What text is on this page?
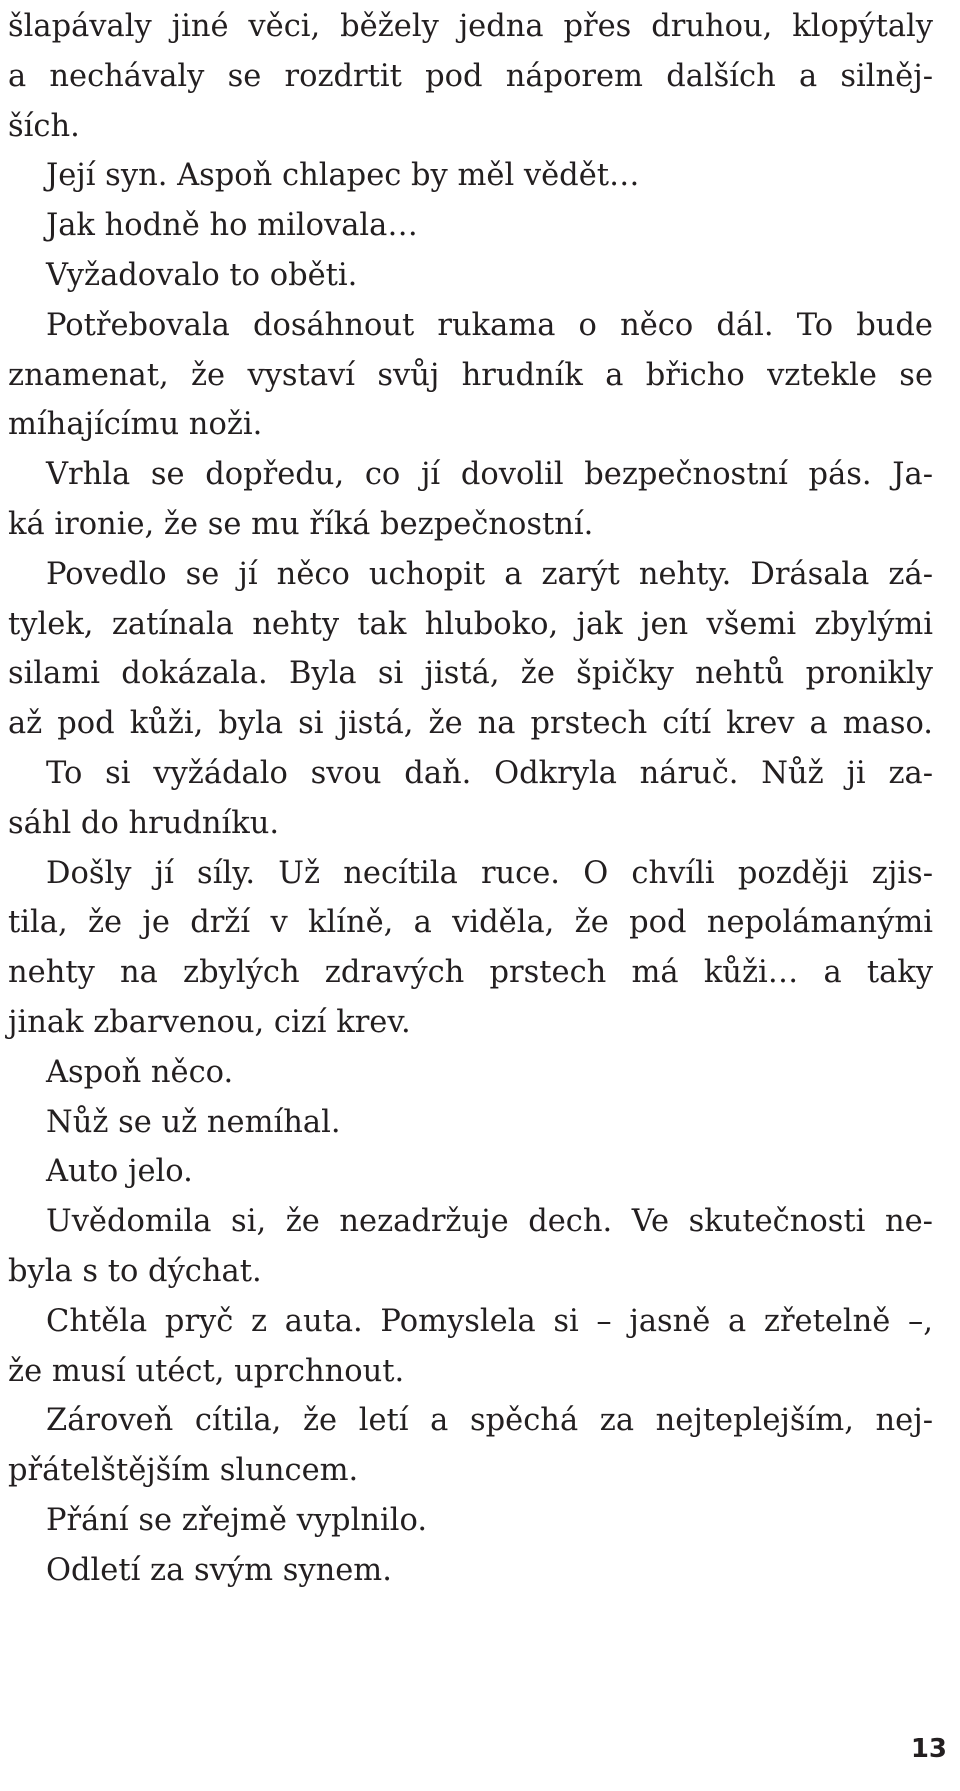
šlapávaly jiné věci, běžely jedna přes druhou, klopýtaly
a nechávaly se rozdrtit pod náporem dalších a silněj-
ších.
Její syn. Aspoň chlapec by měl vědět…
Jak hodně ho milovala…
Vyžadovalo to oběti.
Potřebovala dosáhnout rukama o něco dál. To bude
znamenat, že vystaví svůj hrudník a břicho vztekle se
míhajícímu noži.
Vrhla se dopředu, co jí dovolil bezpečnostní pás. Ja-
ká ironie, že se mu říká bezpečnostní.
Povedlo se jí něco uchopit a zarýt nehty. Drásala zá-
tylek, zatínala nehty tak hluboko, jak jen všemi zbylými
silami dokázala. Byla si jistá, že špičky nehtů pronikly
až pod kůži, byla si jistá, že na prstech cítí krev a maso.
To si vyžádalo svou daň. Odkryla náruč. Nůž ji za-
sáhl do hrudníku.
Došly jí síly. Už necítila ruce. O chvíli později zjis-
tila, že je drží v klíně, a viděla, že pod nepolámanými
nehty na zbylých zdravých prstech má kůži… a taky
jinak zbarvenou, cizí krev.
Aspoň něco.
Nůž se už nemíhal.
Auto jelo.
Uvědomila si, že nezadržuje dech. Ve skutečnosti ne-
byla s to dýchat.
Chtěla pryč z auta. Pomyslela si – jasně a zřetelně –,
že musí utéct, uprchnout.
Zároveň cítila, že letí a spěchá za nejteplejším, nej-
přátelštějším sluncem.
Přání se zřejmě vyplnilo.
Odletí za svým synem.
13
